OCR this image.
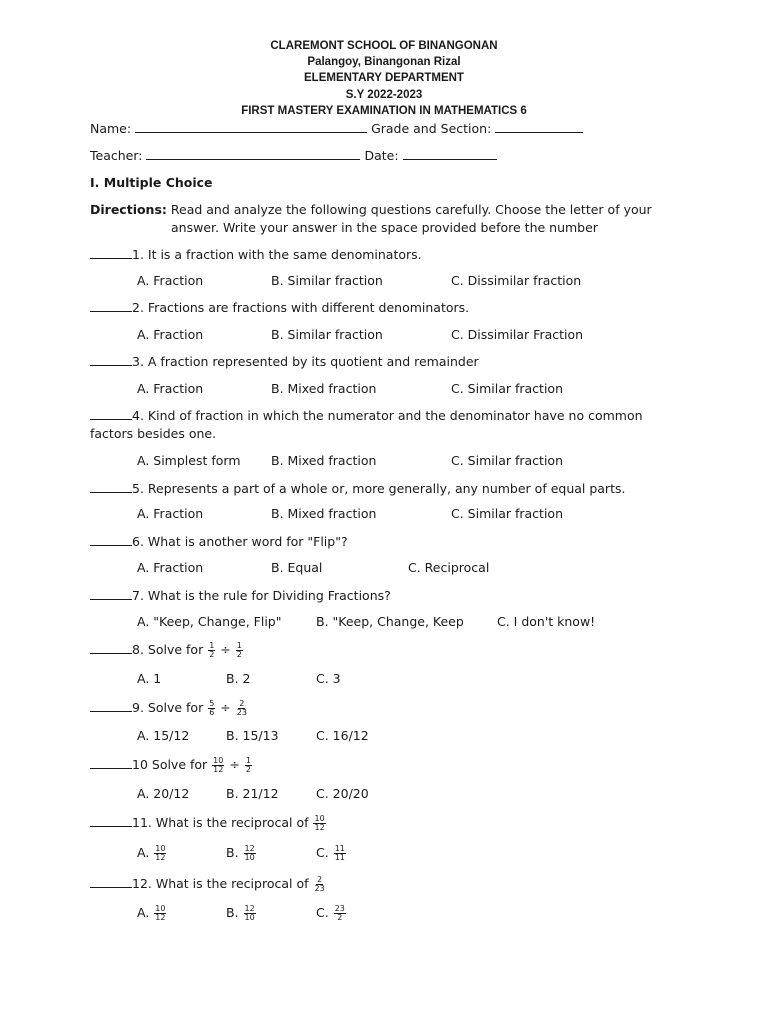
CLAREMONT SCHOOL OF BINANGONAN
Palangoy, Binangonan Rizal
ELEMENTARY DEPARTMENT
S.Y 2022-2023
FIRST MASTERY EXAMINATION IN MATHEMATICS 6
Name:	Grade and Section:
Teacher:	Date:
I. Multiple Choice
Directions: Read and analyze the following questions carefully. Choose the letter of your
answer. Write your answer in the space provided before the number
1. It is a fraction with the same denominators.
A. Fraction	B. Similar fraction	C. Dissimilar fraction
2. Fractions are fractions with different denominators.
A. Fraction	B. Similar fraction	C. Dissimilar Fraction
3. A fraction represented by its quotient and remainder
A. Fraction	B. Mixed fraction	C. Similar fraction
4. Kind of fraction in which the numerator and the denominator have no common
factors besides one.
A. Simplest form B. Mixed fraction	C. Similar fraction
5. Represents a part of a whole or, more generally, any number of equal parts.
A. Fraction	B. Mixed fraction	C. Similar fraction
6. What is another word for "Flip"?
A. Fraction	B. Equal	C. Reciprocal
7. What is the rule for Dividing Fractions?
A. "Keep, Change, Flip"	B. "Keep, Change, Keep	C. I don't know!
8. Solve for $\frac{1}{2} \div \frac{1}{2}$
A. 1	B. 2	C. 3
9. Solve for $\frac{5}{6} \div \frac{2}{23}$
A. 15/12	B. 15/13	C. 16/12
10 Solve for $\frac{10}{12} \div \frac{1}{2}$
A. 20/12	B. 21/12	C. 20/20
11. What is the reciprocal of $\frac{10}{12}$
A. $\frac{10}{12}$	B. $\frac{12}{10}$	C. $\frac{11}{11}$
12. What is the reciprocal of $\frac{2}{23}$
A. $\frac{10}{12}$	B. $\frac{12}{10}$	C. $\frac{23}{2}$
